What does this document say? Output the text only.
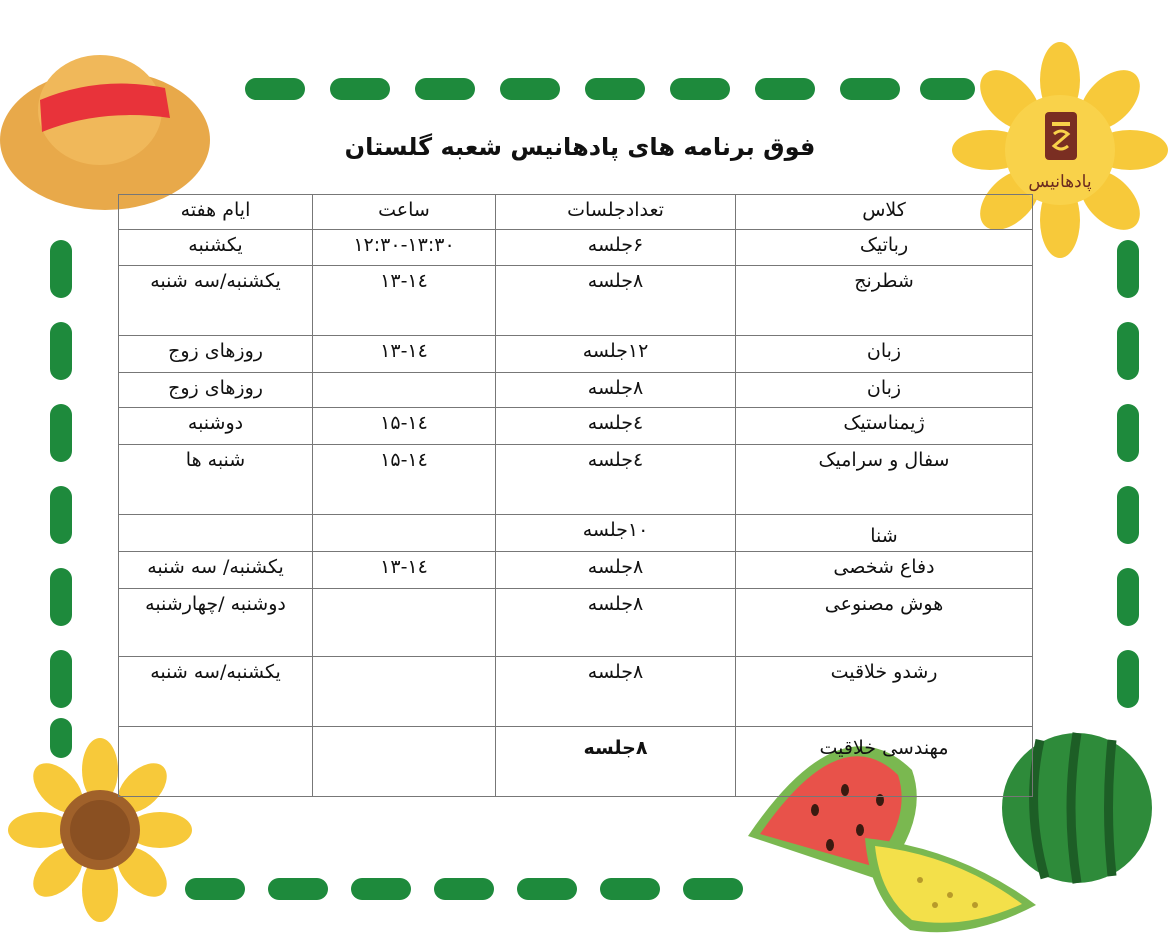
پادهانیس
فوق برنامه های پادهانیس شعبه گلستان
کلاس	تعدادجلسات	ساعت	ایام هفته
رباتیک	۶جلسه	۱۲:۳۰-۱۳:۳۰	یکشنبه
شطرنج	۸جلسه	۱۳-۱٤	یکشنبه/سه شنبه
زبان	۱۲جلسه	۱۳-۱٤	روزهای زوج
زبان	۸جلسه		روزهای زوج
ژیمناستیک	٤جلسه	۱٤-۱۵	دوشنبه
سفال و سرامیک	٤جلسه	۱٤-۱۵	شنبه ها
شنا	۱۰جلسه		
دفاع شخصی	۸جلسه	۱۳-۱٤	یکشنبه/ سه شنبه
هوش مصنوعی	۸جلسه		دوشنبه /چهارشنبه
رشدو خلاقیت	۸جلسه		یکشنبه/سه شنبه
مهندسی خلاقیت	۸جلسه		
